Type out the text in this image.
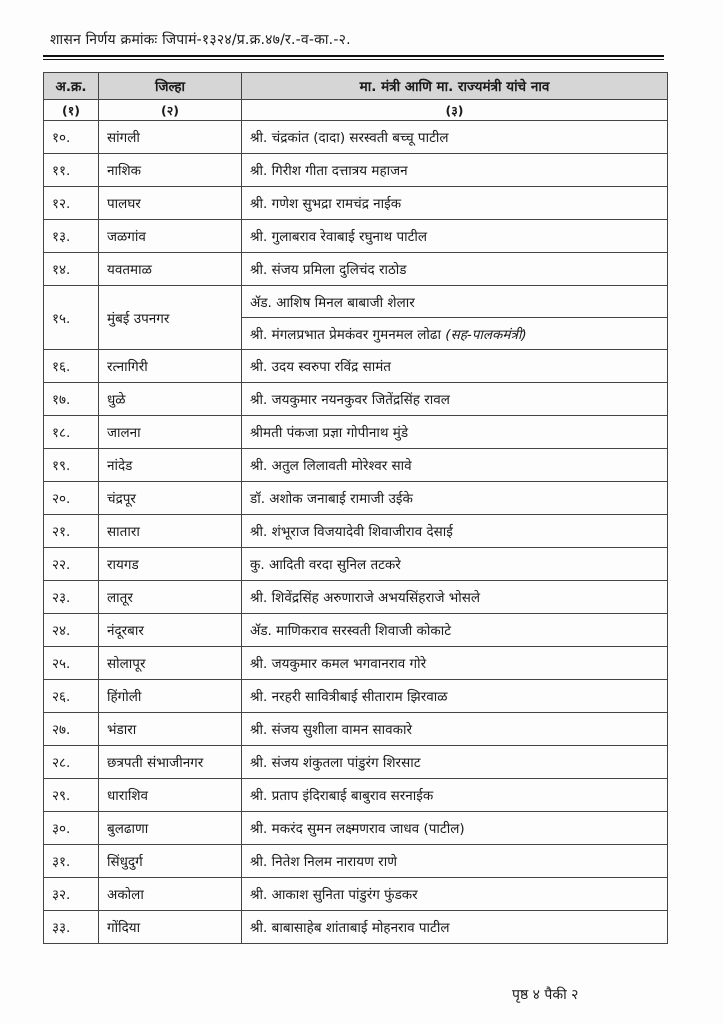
शासन निर्णय क्रमांकः जिपामं-१३२४/प्र.क्र.४७/र.-व-का.-२.
अ.क्र.	जिल्हा	मा. मंत्री आणि मा. राज्यमंत्री यांचे नाव
(१)	(२)	(३)
१०.	सांगली	श्री. चंद्रकांत (दादा) सरस्वती बच्चू पाटील
११.	नाशिक	श्री. गिरीश गीता दत्तात्रय महाजन
१२.	पालघर	श्री. गणेश सुभद्रा रामचंद्र नाईक
१३.	जळगांव	श्री. गुलाबराव रेवाबाई रघुनाथ पाटील
१४.	यवतमाळ	श्री. संजय प्रमिला दुलिचंद राठोड
१५.	मुंबई उपनगर	ॲड. आशिष मिनल बाबाजी शेलार
		श्री. मंगलप्रभात प्रेमकंवर गुमनमल लोढा (सह-पालकमंत्री)
१६.	रत्नागिरी	श्री. उदय स्वरुपा रविंद्र सामंत
१७.	धुळे	श्री. जयकुमार नयनकुवर जितेंद्रसिंह रावल
१८.	जालना	श्रीमती पंकजा प्रज्ञा गोपीनाथ मुंडे
१९.	नांदेड	श्री. अतुल लिलावती मोरेश्वर सावे
२०.	चंद्रपूर	डॉ. अशोक जनाबाई रामाजी उईके
२१.	सातारा	श्री. शंभूराज विजयादेवी शिवाजीराव देसाई
२२.	रायगड	कु. आदिती वरदा सुनिल तटकरे
२३.	लातूर	श्री. शिवेंद्रसिंह अरुणाराजे अभयसिंहराजे भोसले
२४.	नंदूरबार	ॲड. माणिकराव सरस्वती शिवाजी कोकाटे
२५.	सोलापूर	श्री. जयकुमार कमल भगवानराव गोरे
२६.	हिंगोली	श्री. नरहरी सावित्रीबाई सीताराम झिरवाळ
२७.	भंडारा	श्री. संजय सुशीला वामन सावकारे
२८.	छत्रपती संभाजीनगर	श्री. संजय शंकुतला पांडुरंग शिरसाट
२९.	धाराशिव	श्री. प्रताप इंदिराबाई बाबुराव सरनाईक
३०.	बुलढाणा	श्री. मकरंद सुमन लक्ष्मणराव जाधव (पाटील)
३१.	सिंधुदुर्ग	श्री. नितेश निलम नारायण राणे
३२.	अकोला	श्री. आकाश सुनिता पांडुरंग फुंडकर
३३.	गोंदिया	श्री. बाबासाहेब शांताबाई मोहनराव पाटील
पृष्ठ ४ पैकी २
